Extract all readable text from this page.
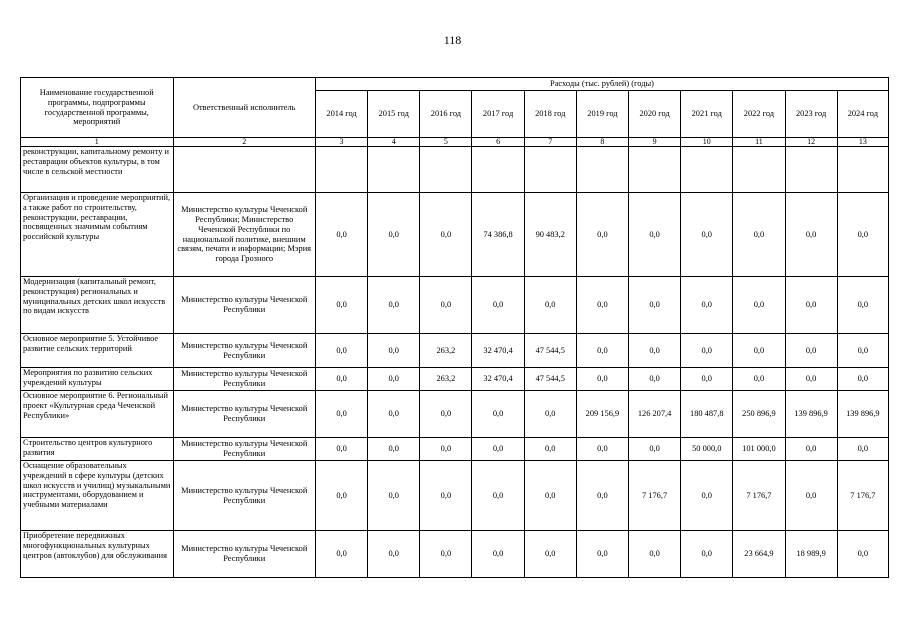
118
Наименование государственной программы, подпрограммы государственной программы, мероприятий	Ответственный исполнитель	Расходы (тыс. рублей) (годы)										
		2014 год	2015 год	2016 год	2017 год	2018 год	2019 год	2020 год	2021 год	2022 год	2023 год	2024 год
1	2	3	4	5	6	7	8	9	10	11	12	13
реконструкции, капитальному ремонту и реставрации объектов культуры, в том числе в сельской местности												
Организация и проведение мероприятий, а также работ по строительству, реконструкции, реставрации, посвященных значимым событиям российской культуры	Министерство культуры Чеченской Республики; Министерство Чеченской Республики по национальной политике, внешним связям, печати и информации; Мэрия города Грозного	0,0	0,0	0,0	74 386,8	90 483,2	0,0	0,0	0,0	0,0	0,0	0,0
Модернизация (капитальный ремонт, реконструкция) региональных и муниципальных детских школ искусств по видам искусств	Министерство культуры Чеченской Республики	0,0	0,0	0,0	0,0	0,0	0,0	0,0	0,0	0,0	0,0	0,0
Основное мероприятие 5. Устойчивое развитие сельских территорий	Министерство культуры Чеченской Республики	0,0	0,0	263,2	32 470,4	47 544,5	0,0	0,0	0,0	0,0	0,0	0,0
Мероприятия по развитию сельских учреждений культуры	Министерство культуры Чеченской Республики	0,0	0,0	263,2	32 470,4	47 544,5	0,0	0,0	0,0	0,0	0,0	0,0
Основное мероприятие 6. Региональный проект «Культурная среда Чеченской Республики»	Министерство культуры Чеченской Республики	0,0	0,0	0,0	0,0	0,0	209 156,9	126 207,4	180 487,8	250 896,9	139 896,9	139 896,9
Строительство центров культурного развития	Министерство культуры Чеченской Республики	0,0	0,0	0,0	0,0	0,0	0,0	0,0	50 000,0	101 000,0	0,0	0,0
Оснащение образовательных учреждений в сфере культуры (детских школ искусств и училищ) музыкальными инструментами, оборудованием и учебными материалами	Министерство культуры Чеченской Республики	0,0	0,0	0,0	0,0	0,0	0,0	7 176,7	0,0	7 176,7	0,0	7 176,7
Приобретение передвижных многофункциональных культурных центров (автоклубов) для обслуживания	Министерство культуры Чеченской Республики	0,0	0,0	0,0	0,0	0,0	0,0	0,0	0,0	23 664,9	18 989,9	0,0
